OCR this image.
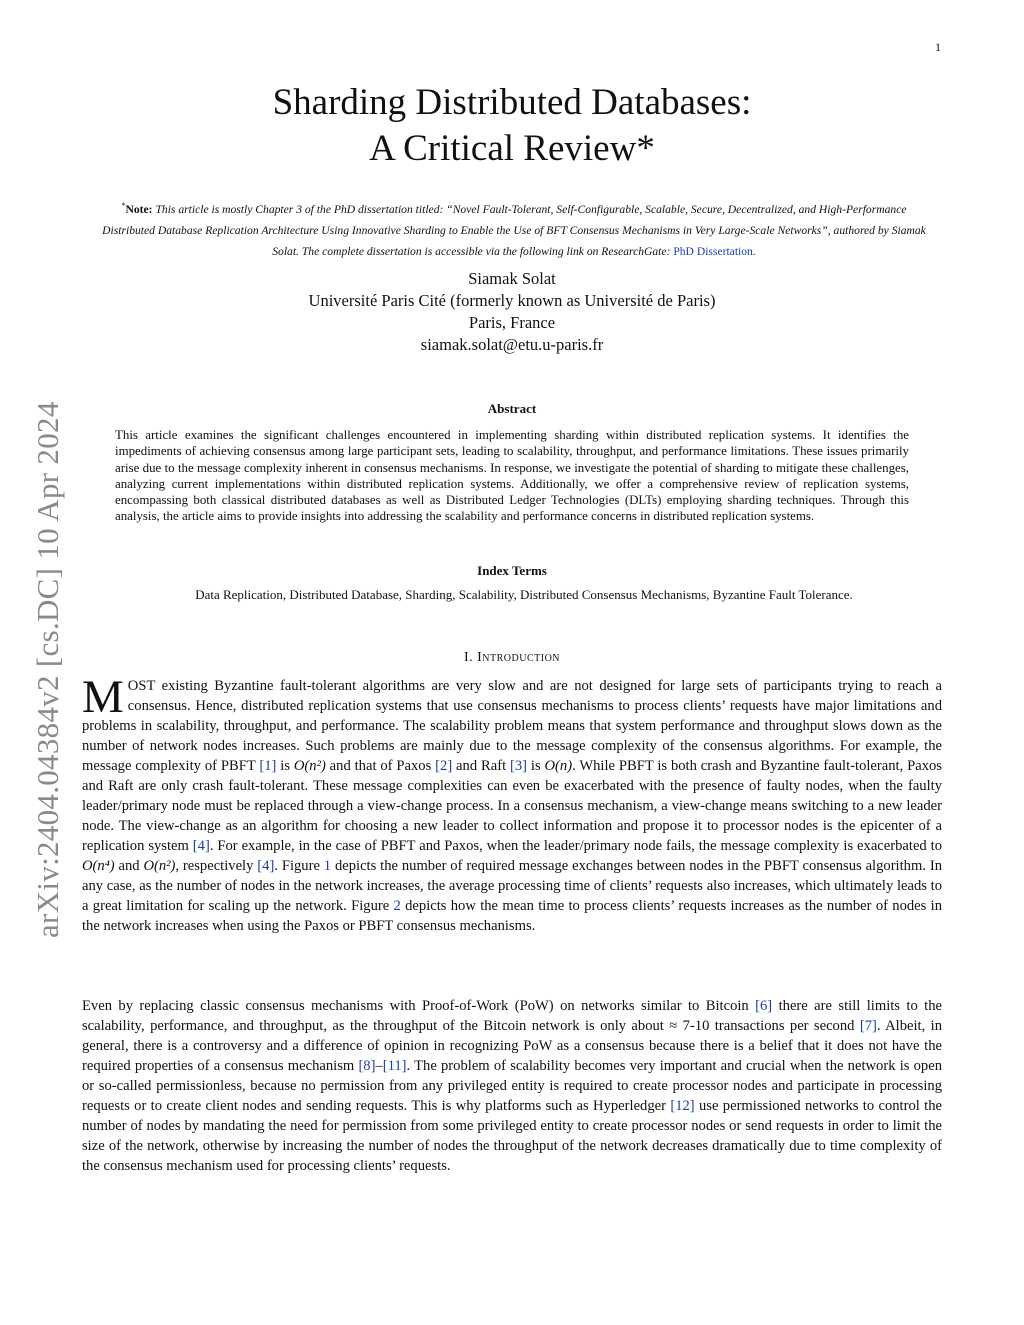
1
arXiv:2404.04384v2 [cs.DC] 10 Apr 2024
Sharding Distributed Databases:
A Critical Review*
*Note: This article is mostly Chapter 3 of the PhD dissertation titled: “Novel Fault-Tolerant, Self-Configurable, Scalable, Secure, Decentralized, and High-Performance Distributed Database Replication Architecture Using Innovative Sharding to Enable the Use of BFT Consensus Mechanisms in Very Large-Scale Networks”, authored by Siamak Solat. The complete dissertation is accessible via the following link on ResearchGate: PhD Dissertation.
Siamak Solat
Université Paris Cité (formerly known as Université de Paris)
Paris, France
siamak.solat@etu.u-paris.fr
Abstract
This article examines the significant challenges encountered in implementing sharding within distributed replication systems. It identifies the impediments of achieving consensus among large participant sets, leading to scalability, throughput, and performance limitations. These issues primarily arise due to the message complexity inherent in consensus mechanisms. In response, we investigate the potential of sharding to mitigate these challenges, analyzing current implementations within distributed replication systems. Additionally, we offer a comprehensive review of replication systems, encompassing both classical distributed databases as well as Distributed Ledger Technologies (DLTs) employing sharding techniques. Through this analysis, the article aims to provide insights into addressing the scalability and performance concerns in distributed replication systems.
Index Terms
Data Replication, Distributed Database, Sharding, Scalability, Distributed Consensus Mechanisms, Byzantine Fault Tolerance.
I. Introduction

MOST existing Byzantine fault-tolerant algorithms are very slow and are not designed for large sets of participants trying to reach a consensus. Hence, distributed replication systems that use consensus mechanisms to process clients’ requests have major limitations and problems in scalability, throughput, and performance. The scalability problem means that system performance and throughput slows down as the number of network nodes increases. Such problems are mainly due to the message complexity of the consensus algorithms. For example, the message complexity of PBFT [1] is O(n²) and that of Paxos [2] and Raft [3] is O(n). While PBFT is both crash and Byzantine fault-tolerant, Paxos and Raft are only crash fault-tolerant. These message complexities can even be exacerbated with the presence of faulty nodes, when the faulty leader/primary node must be replaced through a view-change process. In a consensus mechanism, a view-change means switching to a new leader node. The view-change as an algorithm for choosing a new leader to collect information and propose it to processor nodes is the epicenter of a replication system [4]. For example, in the case of PBFT and Paxos, when the leader/primary node fails, the message complexity is exacerbated to O(n⁴) and O(n²), respectively [4]. Figure 1 depicts the number of required message exchanges between nodes in the PBFT consensus algorithm. In any case, as the number of nodes in the network increases, the average processing time of clients’ requests also increases, which ultimately leads to a great limitation for scaling up the network. Figure 2 depicts how the mean time to process clients’ requests increases as the number of nodes in the network increases when using the Paxos or PBFT consensus mechanisms.

Even by replacing classic consensus mechanisms with Proof-of-Work (PoW) on networks similar to Bitcoin [6] there are still limits to the scalability, performance, and throughput, as the throughput of the Bitcoin network is only about ≈ 7-10 transactions per second [7]. Albeit, in general, there is a controversy and a difference of opinion in recognizing PoW as a consensus because there is a belief that it does not have the required properties of a consensus mechanism [8]–[11]. The problem of scalability becomes very important and crucial when the network is open or so-called permissionless, because no permission from any privileged entity is required to create processor nodes and participate in processing requests or to create client nodes and sending requests. This is why platforms such as Hyperledger [12] use permissioned networks to control the number of nodes by mandating the need for permission from some privileged entity to create processor nodes or send requests in order to limit the size of the network, otherwise by increasing the number of nodes the throughput of the network decreases dramatically due to time complexity of the consensus mechanism used for processing clients’ requests.
